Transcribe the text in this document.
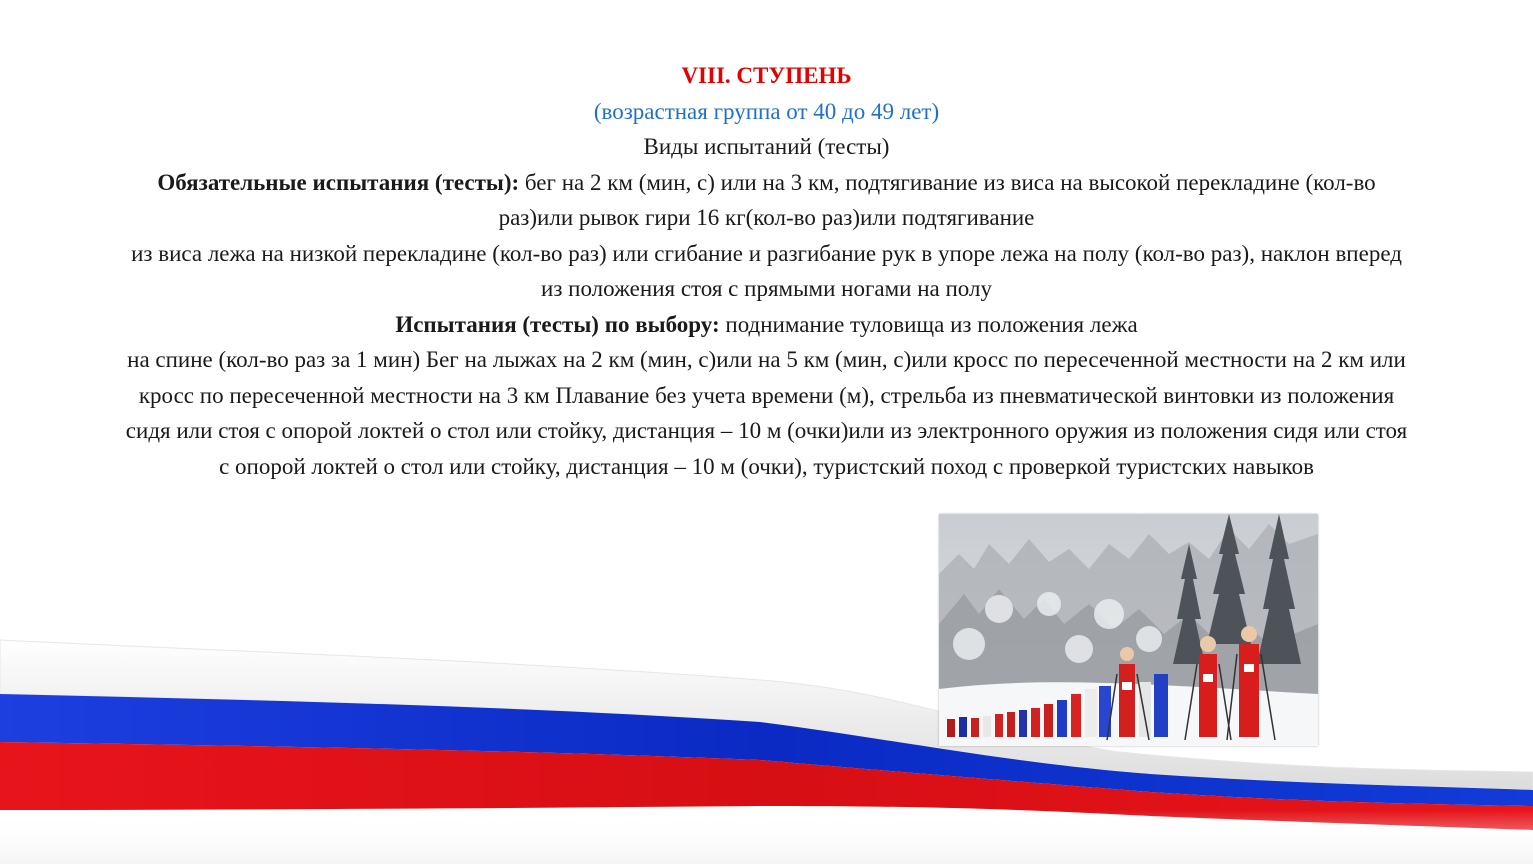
VIII. СТУПЕНЬ
(возрастная группа от 40 до 49 лет)
Виды испытаний (тесты)
Обязательные испытания (тесты): бег на 2 км (мин, с) или на 3 км, подтягивание из виса на высокой перекладине (кол-во
раз)или рывок гири 16 кг(кол-во раз)или подтягивание
из виса лежа на низкой перекладине (кол-во раз) или сгибание и разгибание рук в упоре лежа на полу (кол-во раз), наклон вперед
из положения стоя с прямыми ногами на полу
Испытания (тесты) по выбору: поднимание туловища из положения лежа
на спине (кол-во раз за 1 мин) Бег на лыжах на 2 км (мин, с)или на 5 км (мин, с)или кросс по пересеченной местности на 2 км или
кросс по пересеченной местности на 3 км Плавание без учета времени (м), стрельба из пневматической винтовки из положения
сидя или стоя с опорой локтей о стол или стойку, дистанция – 10 м (очки)или из электронного оружия из положения сидя или стоя
с опорой локтей о стол или стойку, дистанция – 10 м (очки), туристский поход с проверкой туристских навыков
